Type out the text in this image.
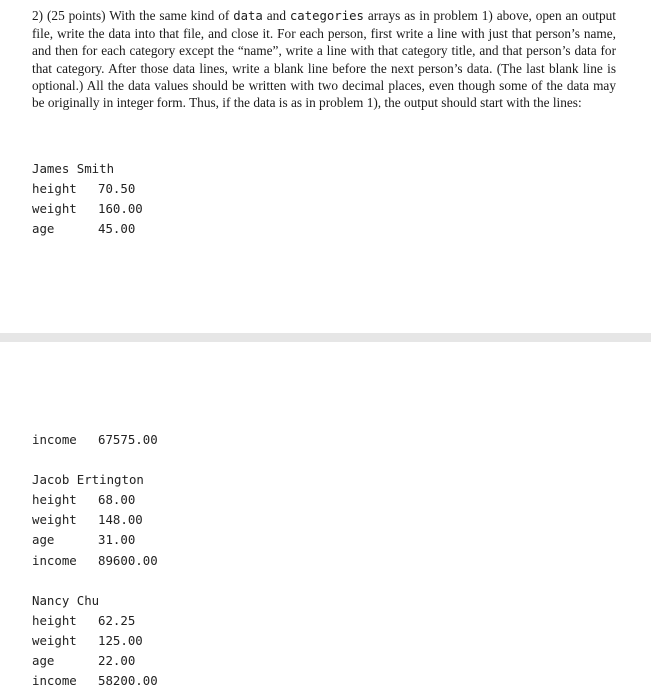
2) (25 points) With the same kind of data and categories arrays as in problem 1) above, open an output file, write the data into that file, and close it. For each person, first write a line with just that person’s name, and then for each category except the “name”, write a line with that category title, and that person’s data for that category. After those data lines, write a blank line before the next person’s data. (The last blank line is optional.) All the data values should be written with two decimal places, even though some of the data may be originally in integer form. Thus, if the data is as in problem 1), the output should start with the lines:

James Smith
height	70.50
weight	160.00
age	45.00
income	67575.00
Jacob Ertington
height	68.00
weight	148.00
age	31.00
income	89600.00
Nancy Chu
height	62.25
weight	125.00
age	22.00
income	58200.00
